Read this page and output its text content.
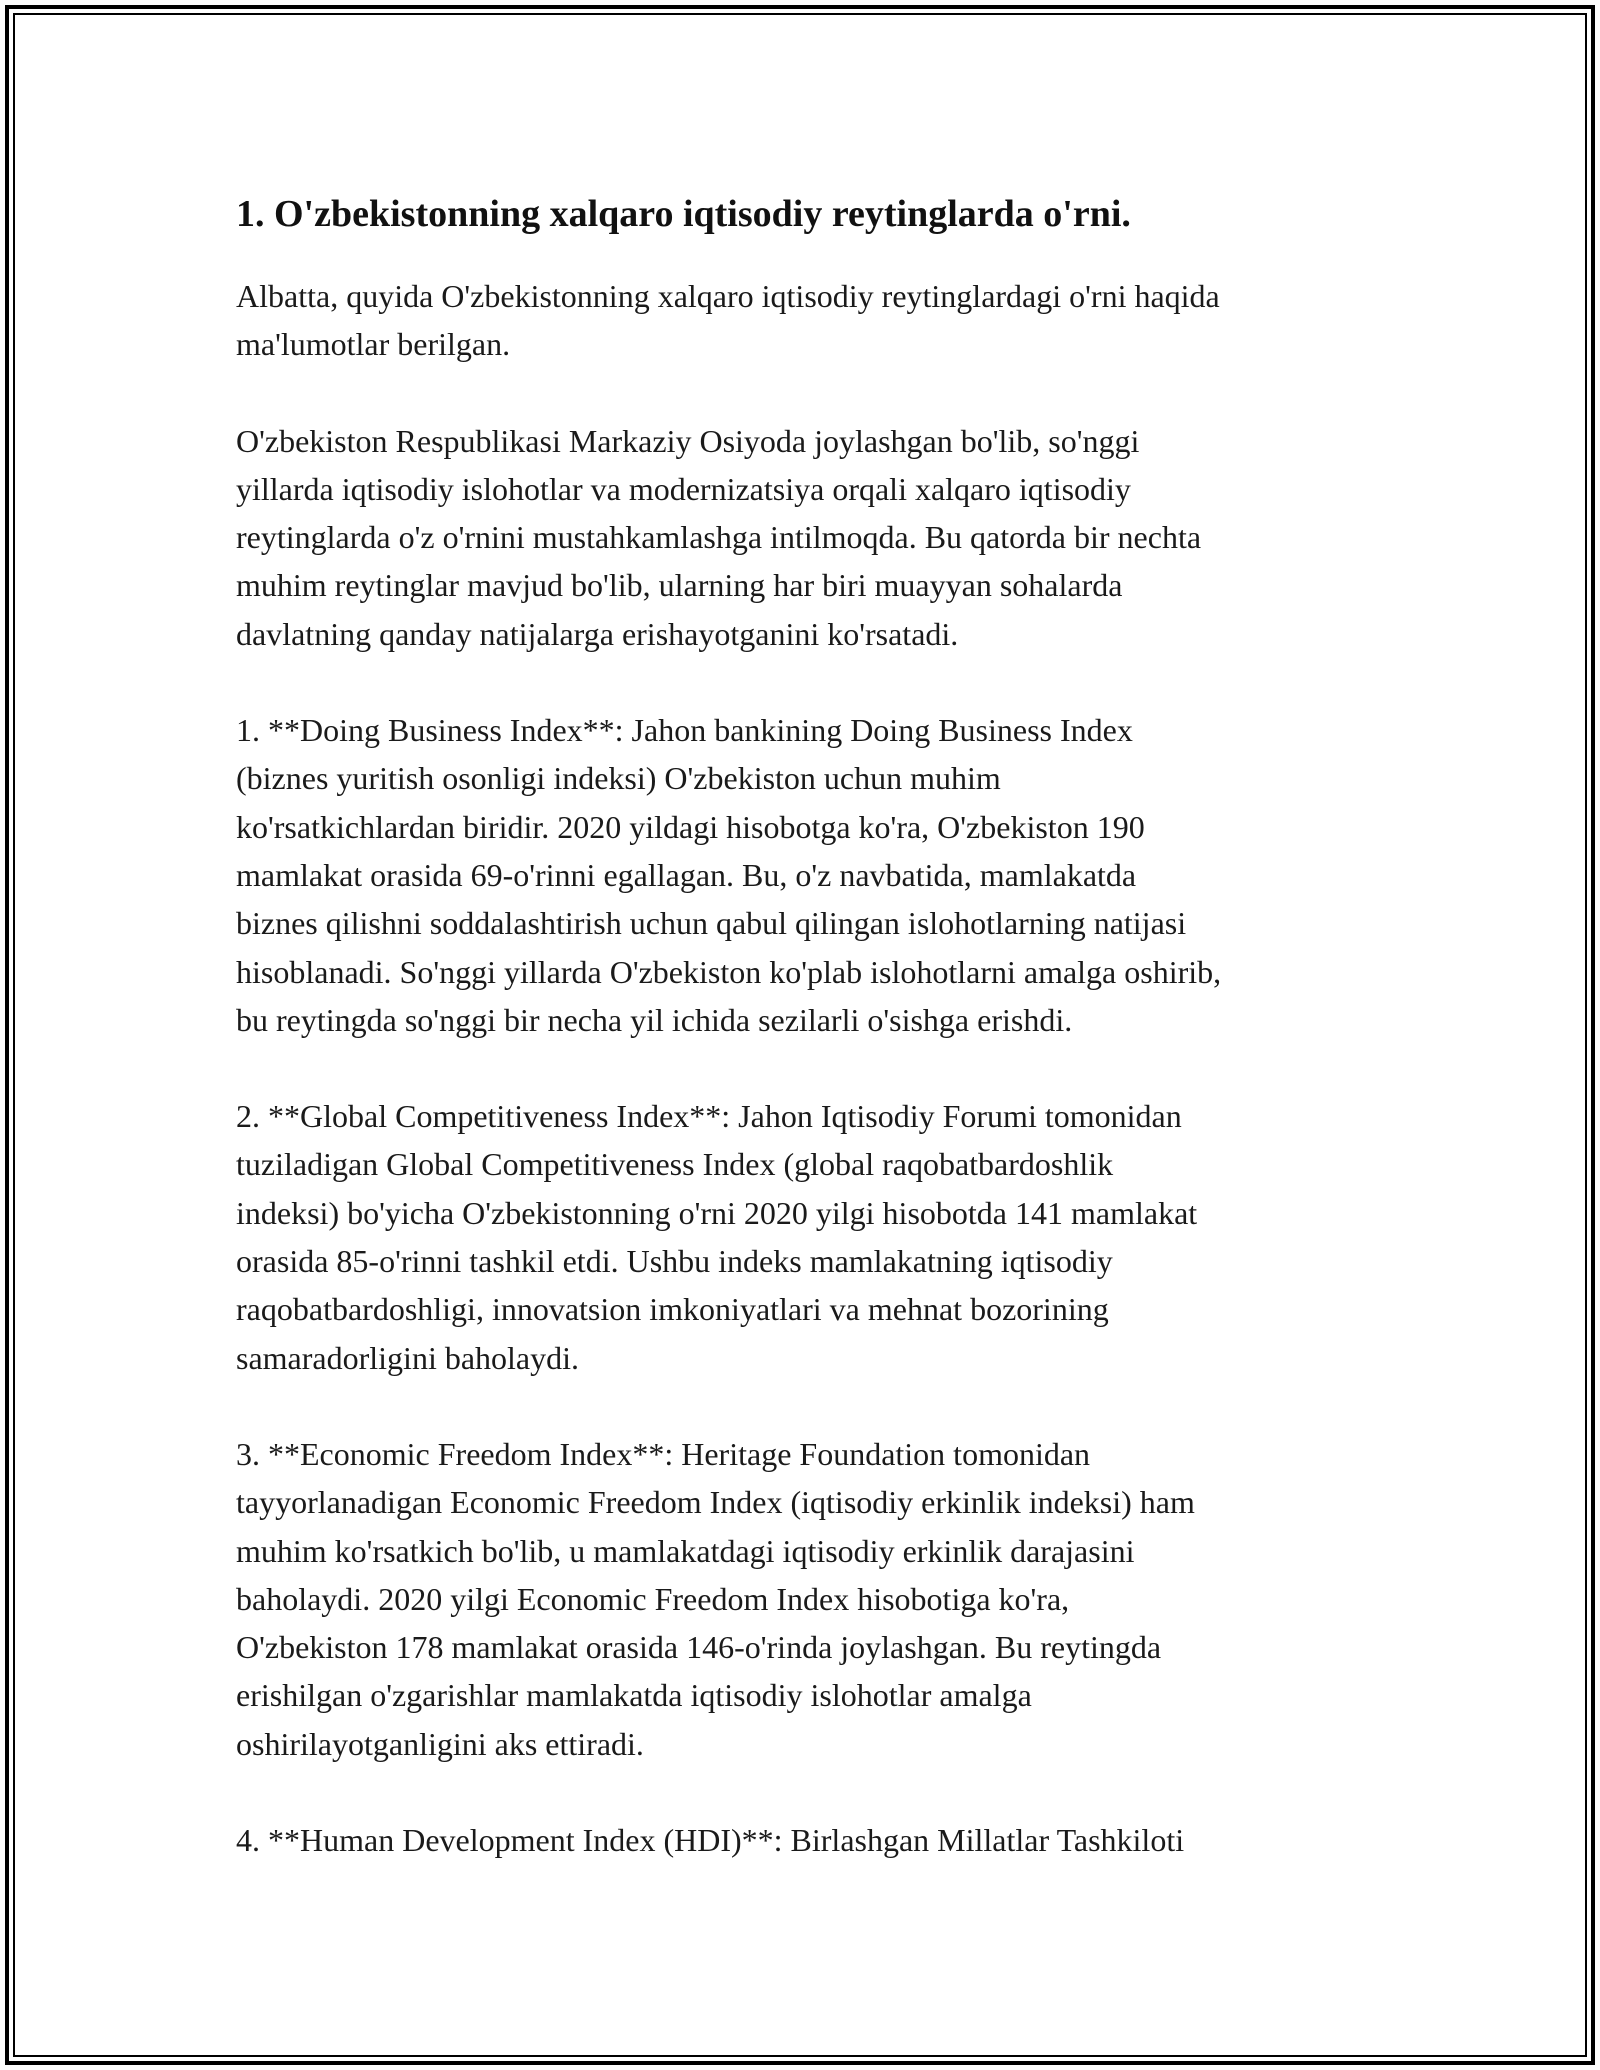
1. O'zbekistonning xalqaro iqtisodiy reytinglarda o'rni.

Albatta, quyida O'zbekistonning xalqaro iqtisodiy reytinglardagi o'rni haqida
ma'lumotlar berilgan.

O'zbekiston Respublikasi Markaziy Osiyoda joylashgan bo'lib, so'nggi
yillarda iqtisodiy islohotlar va modernizatsiya orqali xalqaro iqtisodiy
reytinglarda o'z o'rnini mustahkamlashga intilmoqda. Bu qatorda bir nechta
muhim reytinglar mavjud bo'lib, ularning har biri muayyan sohalarda
davlatning qanday natijalarga erishayotganini ko'rsatadi.

1. **Doing Business Index**: Jahon bankining Doing Business Index
(biznes yuritish osonligi indeksi) O'zbekiston uchun muhim
ko'rsatkichlardan biridir. 2020 yildagi hisobotga ko'ra, O'zbekiston 190
mamlakat orasida 69-o'rinni egallagan. Bu, o'z navbatida, mamlakatda
biznes qilishni soddalashtirish uchun qabul qilingan islohotlarning natijasi
hisoblanadi. So'nggi yillarda O'zbekiston ko'plab islohotlarni amalga oshirib,
bu reytingda so'nggi bir necha yil ichida sezilarli o'sishga erishdi.

2. **Global Competitiveness Index**: Jahon Iqtisodiy Forumi tomonidan
tuziladigan Global Competitiveness Index (global raqobatbardoshlik
indeksi) bo'yicha O'zbekistonning o'rni 2020 yilgi hisobotda 141 mamlakat
orasida 85-o'rinni tashkil etdi. Ushbu indeks mamlakatning iqtisodiy
raqobatbardoshligi, innovatsion imkoniyatlari va mehnat bozorining
samaradorligini baholaydi.

3. **Economic Freedom Index**: Heritage Foundation tomonidan
tayyorlanadigan Economic Freedom Index (iqtisodiy erkinlik indeksi) ham
muhim ko'rsatkich bo'lib, u mamlakatdagi iqtisodiy erkinlik darajasini
baholaydi. 2020 yilgi Economic Freedom Index hisobotiga ko'ra,
O'zbekiston 178 mamlakat orasida 146-o'rinda joylashgan. Bu reytingda
erishilgan o'zgarishlar mamlakatda iqtisodiy islohotlar amalga
oshirilayotganligini aks ettiradi.

4. **Human Development Index (HDI)**: Birlashgan Millatlar Tashkiloti
